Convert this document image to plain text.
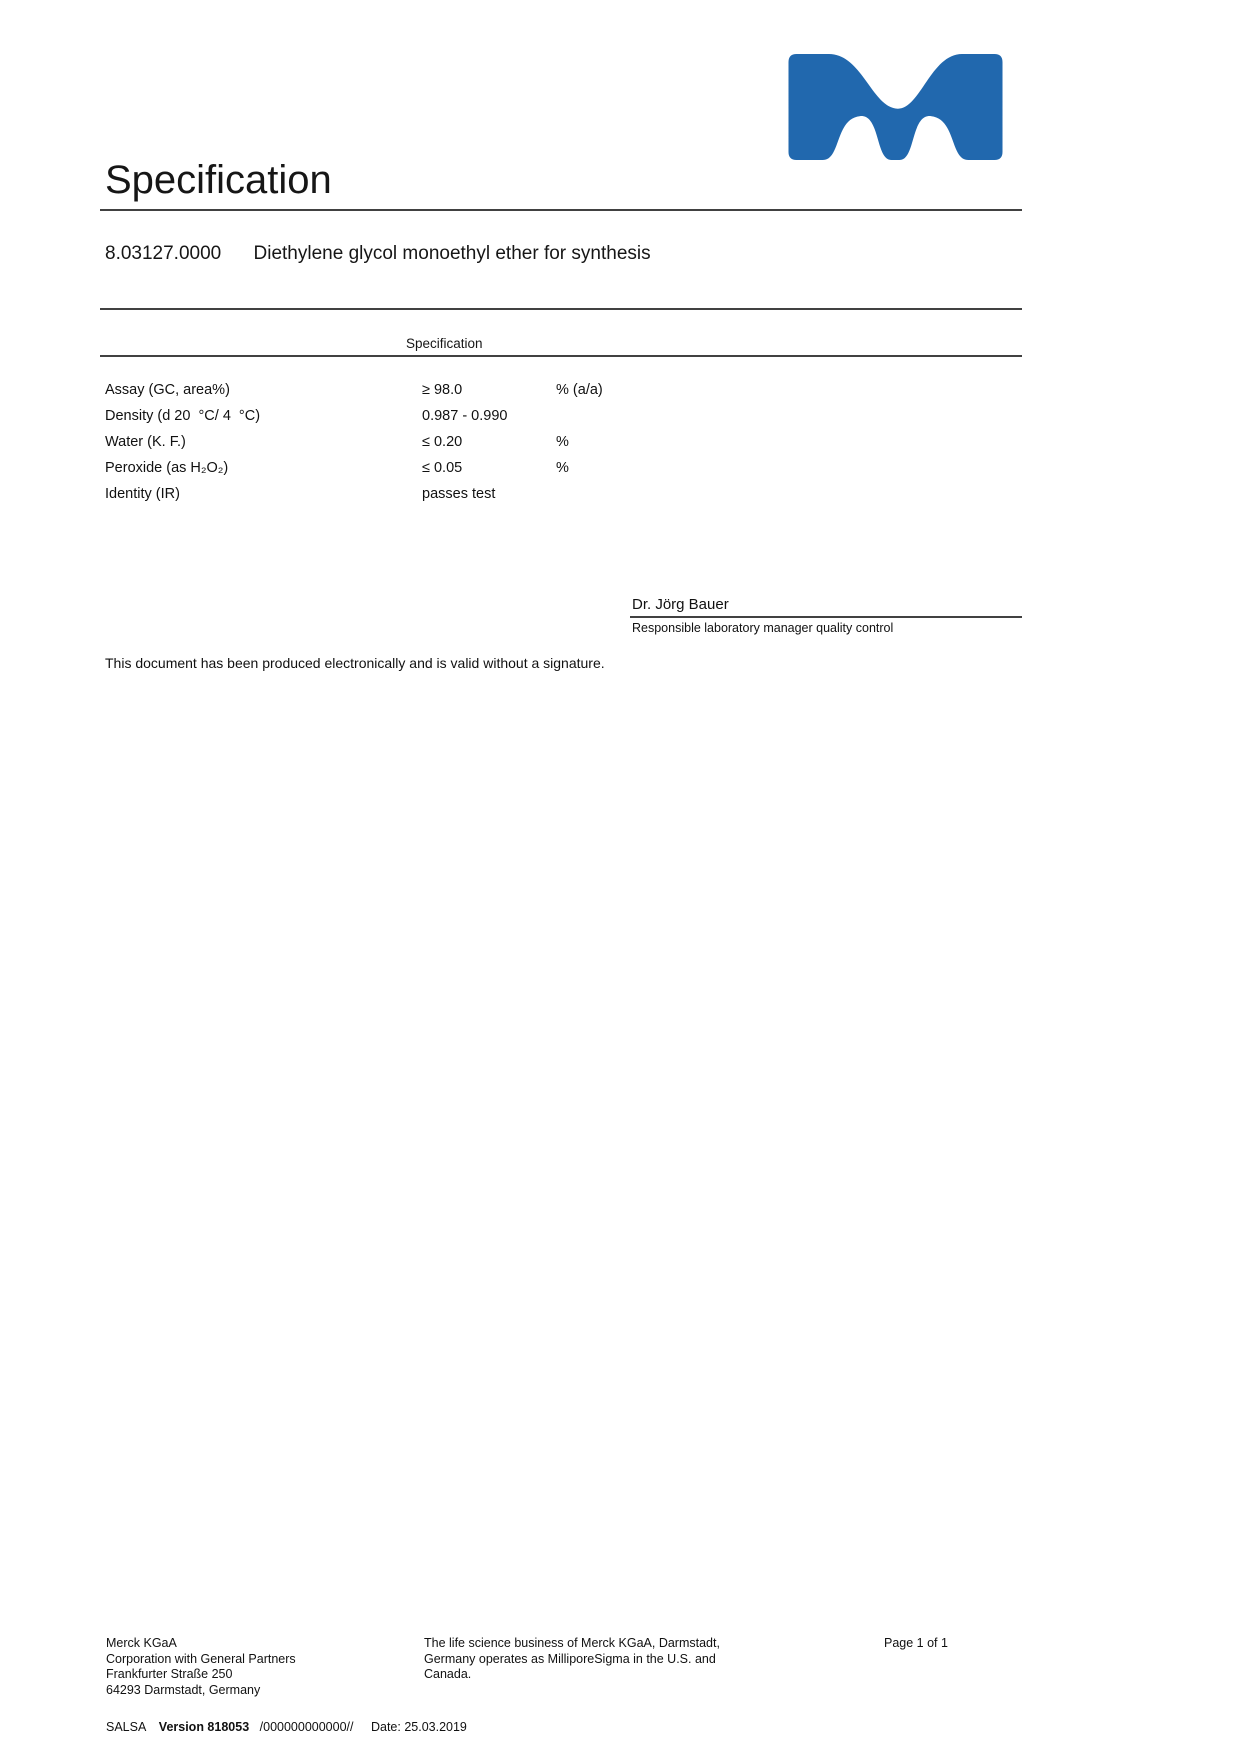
Specification
8.03127.0000 Diethylene glycol monoethyl ether for synthesis
Specification
Assay (GC, area%)	≥ 98.0	% (a/a)
Density (d 20  °C/ 4  °C)	0.987 - 0.990
Water (K. F.)	≤ 0.20	%
Peroxide (as H₂O₂)	≤ 0.05	%
Identity (IR)	passes test
Dr. Jörg Bauer
Responsible laboratory manager quality control
This document has been produced electronically and is valid without a signature.
Merck KGaA
Corporation with General Partners
Frankfurter Straße 250
64293 Darmstadt, Germany
The life science business of Merck KGaA, Darmstadt,
Germany operates as MilliporeSigma in the U.S. and
Canada.
Page 1 of 1
SALSA Version 818053 /000000000000// Date: 25.03.2019
